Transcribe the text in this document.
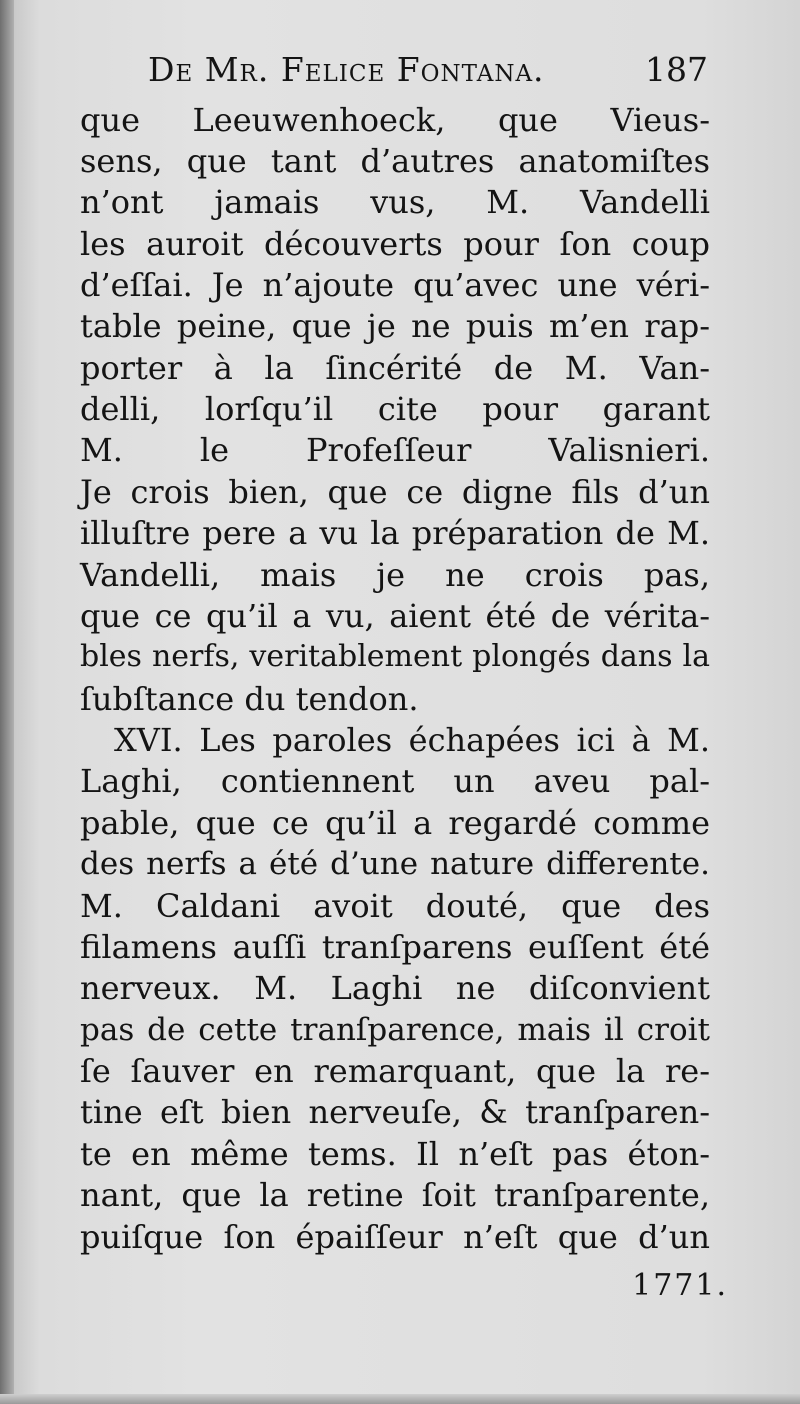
De Mr. Felice Fontana.	187
que Leeuwenhoeck, que Vieus-
sens, que tant d’autres anatomiſtes
n’ont jamais vus, M. Vandelli
les auroit découverts pour ſon coup
d’eſſai. Je n’ajoute qu’avec une véri-
table peine, que je ne puis m’en rap-
porter à la ſincérité de M. Van-
delli, lorſqu’il cite pour garant
M. le Profeſſeur Valisnieri.
Je crois bien, que ce digne fils d’un
illuſtre pere a vu la préparation de M.
Vandelli, mais je ne crois pas,
que ce qu’il a vu, aient été de vérita-
bles nerfs, veritablement plongés dans la
ſubſtance du tendon.
XVI. Les paroles échapées ici à M.
Laghi, contiennent un aveu pal-
pable, que ce qu’il a regardé comme
des nerfs a été d’une nature differente.
M. Caldani avoit douté, que des
filamens auſſi tranſparens euſſent été
nerveux. M. Laghi ne diſconvient
pas de cette tranſparence, mais il croit
ſe ſauver en remarquant, que la re-
tine eſt bien nerveuſe, & tranſparen-
te en même tems. Il n’eſt pas éton-
nant, que la retine ſoit tranſparente,
puiſque ſon épaiſſeur n’eſt que d’un
1771.
